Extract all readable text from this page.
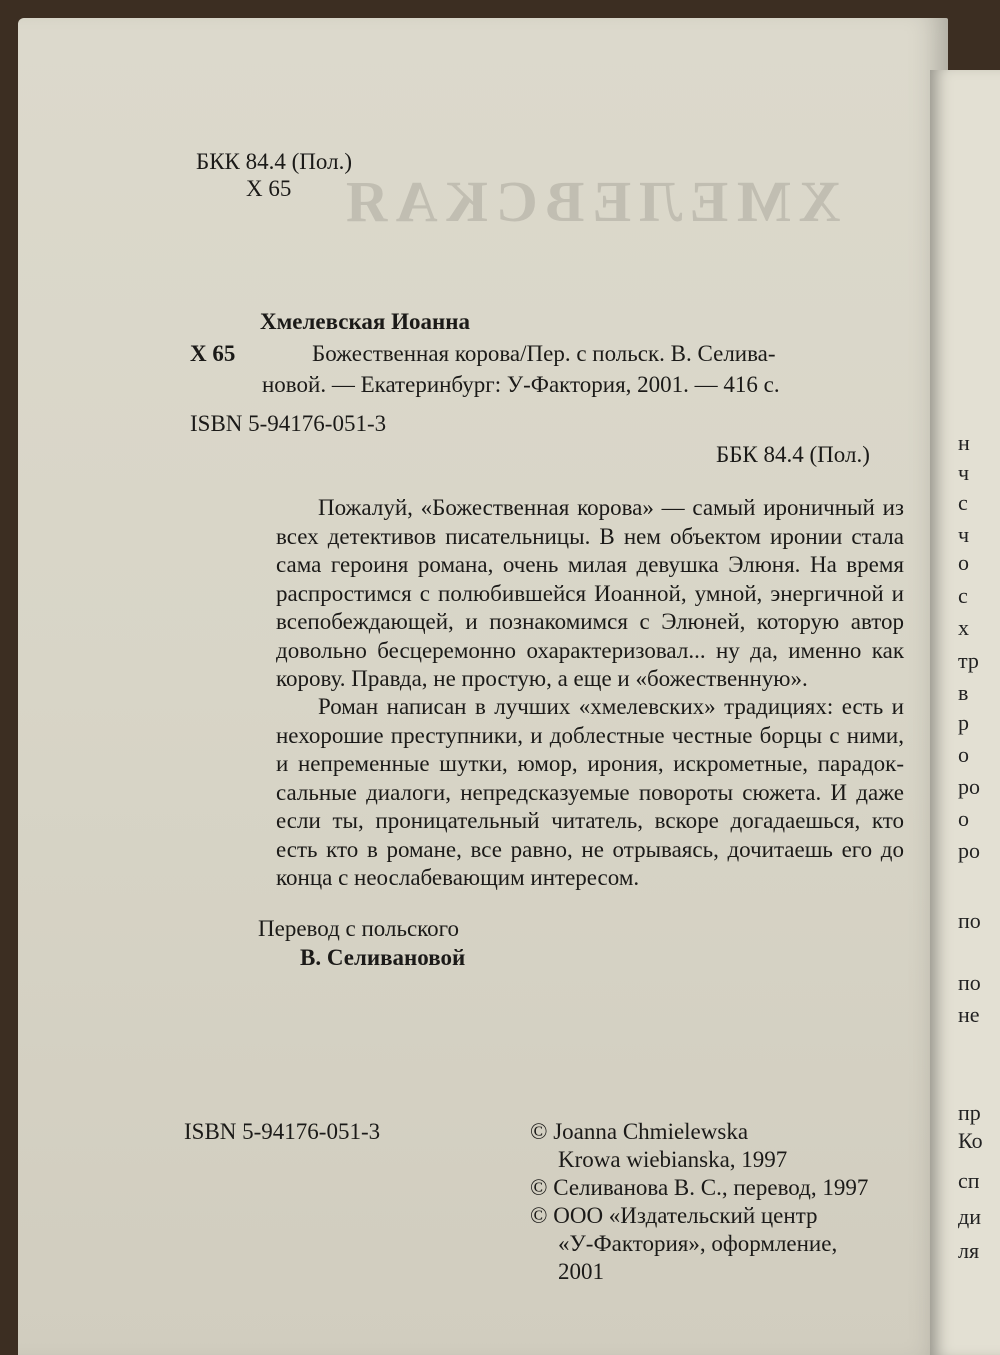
ХМЕЛЕВСКАЯ
БКК 84.4 (Пол.)
Х 65
Хмелевская Иоанна
Х 65	Божественная корова/Пер. с польск. В. Селива-
новой. — Екатеринбург: У-Фактория, 2001. — 416 с.
ISBN 5-94176-051-3
ББК 84.4 (Пол.)
Пожалуй, «Божественная корова» — самый ироничный из
всех детективов писательницы. В нем объектом иронии стала
сама героиня романа, очень милая девушка Элюня. На время
распростимся с полюбившейся Иоанной, умной, энергичной и
всепобеждающей, и познакомимся с Элюней, которую автор
довольно бесцеремонно охарактеризовал... ну да, именно как
корову. Правда, не простую, а еще и «божественную».
Роман написан в лучших «хмелевских» традициях: есть и
нехорошие преступники, и доблестные честные борцы с ними,
и непременные шутки, юмор, ирония, искрометные, парадок-
сальные диалоги, непредсказуемые повороты сюжета. И даже
если ты, проницательный читатель, вскоре догадаешься, кто
есть кто в романе, все равно, не отрываясь, дочитаешь его до
конца с неослабевающим интересом.
Перевод с польского
В. Селивановой
ISBN 5-94176-051-3	© Joanna Chmielewska
Krowa wiebianska, 1997
© Селиванова В. С., перевод, 1997
© ООО «Издательский центр
«У-Фактория», оформление,
2001
н
ч
с
ч
о
с
х
тр
в
р
о
ро
о
ро
по
по
не
пр
Ко
сп
ди
ля
